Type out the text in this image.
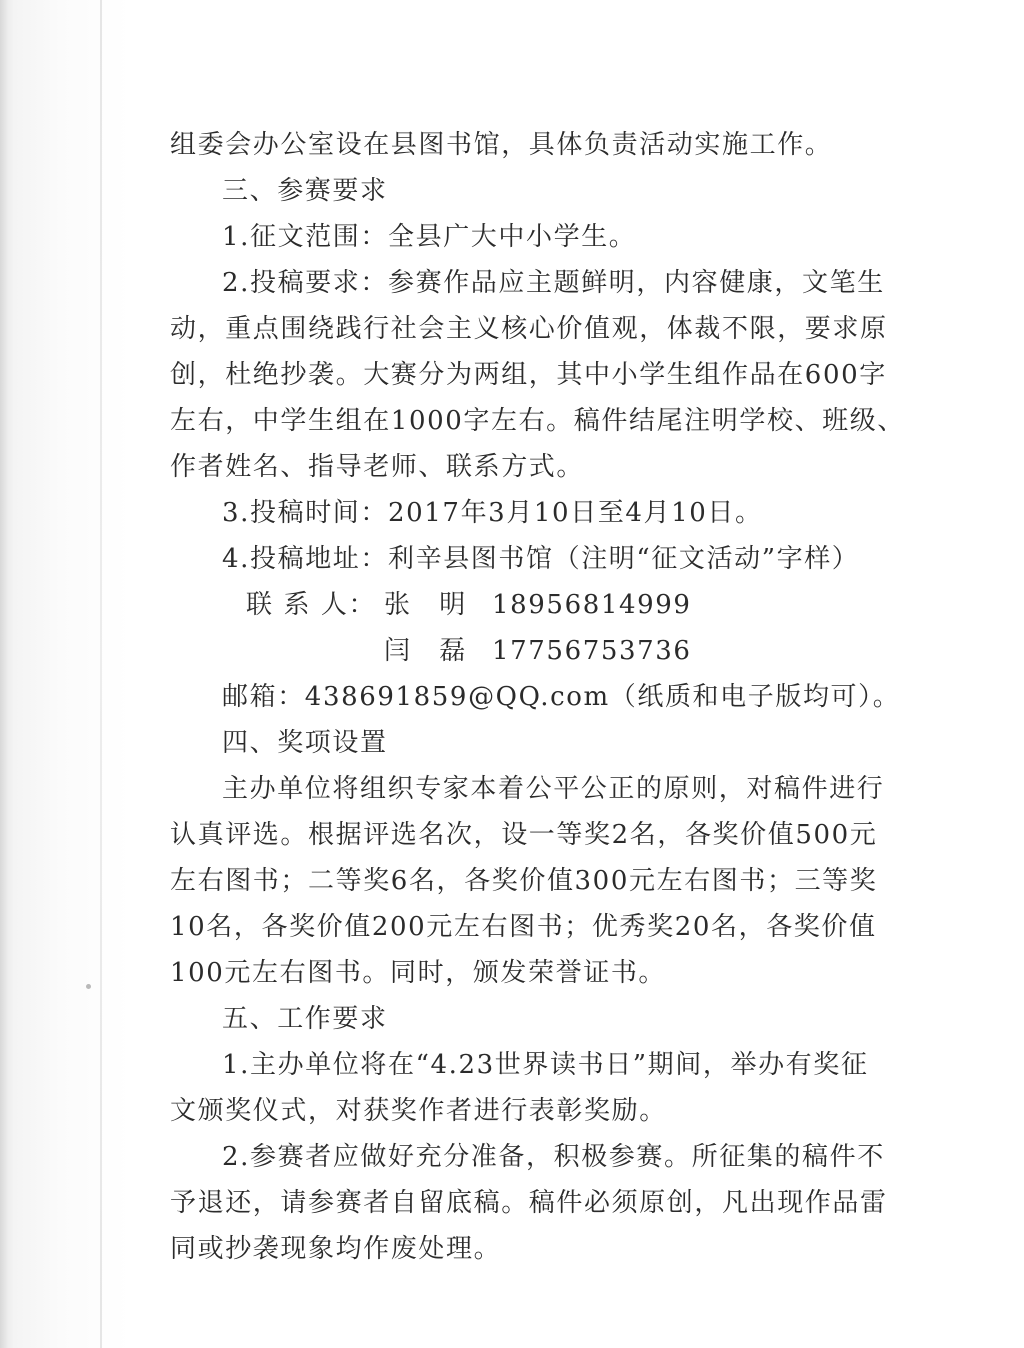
组委会办公室设在县图书馆，具体负责活动实施工作。
三、参赛要求
1.征文范围：全县广大中小学生。
2.投稿要求：参赛作品应主题鲜明，内容健康，文笔生
动，重点围绕践行社会主义核心价值观，体裁不限，要求原
创，杜绝抄袭。大赛分为两组，其中小学生组作品在600字
左右，中学生组在1000字左右。稿件结尾注明学校、班级、
作者姓名、指导老师、联系方式。
3.投稿时间：2017年3月10日至4月10日。
4.投稿地址：利辛县图书馆（注明“征文活动”字样）
联 系 人： 张　明 18956814999
闫　磊 17756753736
邮箱：438691859@QQ.com（纸质和电子版均可）。
四、奖项设置
主办单位将组织专家本着公平公正的原则，对稿件进行
认真评选。根据评选名次，设一等奖2名，各奖价值500元
左右图书；二等奖6名，各奖价值300元左右图书；三等奖
10名，各奖价值200元左右图书；优秀奖20名，各奖价值
100元左右图书。同时，颁发荣誉证书。
五、工作要求
1.主办单位将在“4.23世界读书日”期间，举办有奖征
文颁奖仪式，对获奖作者进行表彰奖励。
2.参赛者应做好充分准备，积极参赛。所征集的稿件不
予退还，请参赛者自留底稿。稿件必须原创，凡出现作品雷
同或抄袭现象均作废处理。
